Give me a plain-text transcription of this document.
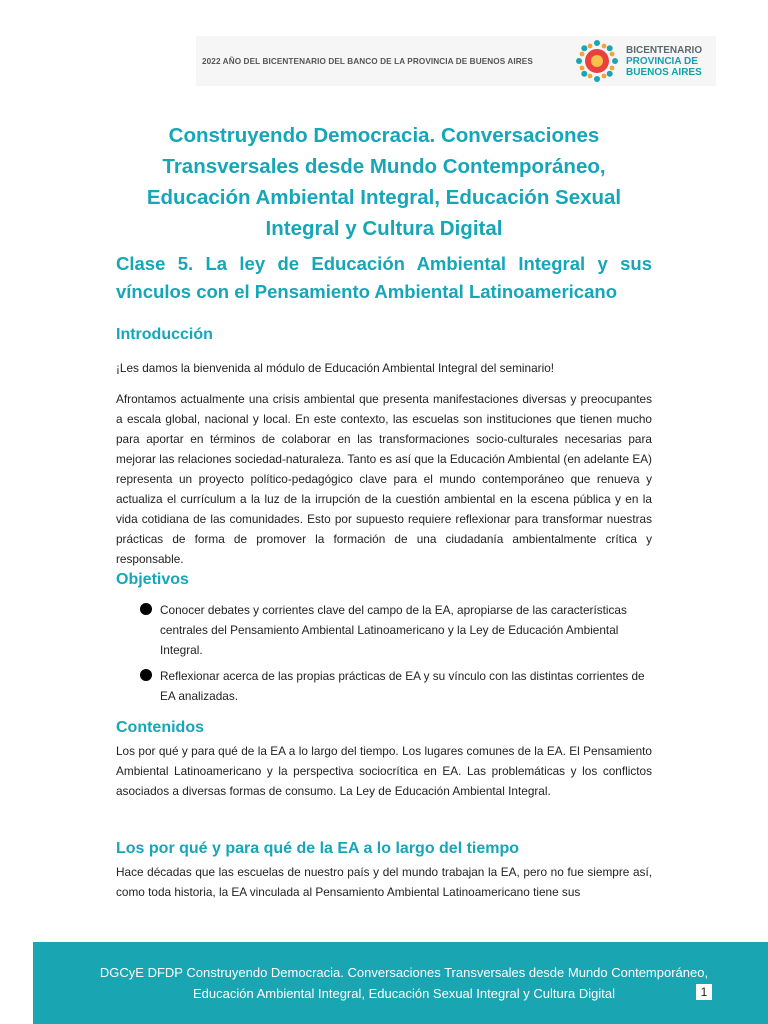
2022 AÑO DEL BICENTENARIO DEL BANCO DE LA PROVINCIA DE BUENOS AIRES
BICENTENARIO
PROVINCIA DE
BUENOS AIRES
Construyendo Democracia. Conversaciones Transversales desde Mundo Contemporáneo, Educación Ambiental Integral, Educación Sexual Integral y Cultura Digital
Clase 5. La ley de Educación Ambiental Integral y sus vínculos con el Pensamiento Ambiental Latinoamericano
Introducción

¡Les damos la bienvenida al módulo de Educación Ambiental Integral del seminario!

Afrontamos actualmente una crisis ambiental que presenta manifestaciones diversas y preocupantes a escala global, nacional y local. En este contexto, las escuelas son instituciones que tienen mucho para aportar en términos de colaborar en las transformaciones socio-culturales necesarias para mejorar las relaciones sociedad-naturaleza. Tanto es así que la Educación Ambiental (en adelante EA) representa un proyecto político-pedagógico clave para el mundo contemporáneo que renueva y actualiza el currículum a la luz de la irrupción de la cuestión ambiental en la escena pública y en la vida cotidiana de las comunidades. Esto por supuesto requiere reflexionar para transformar nuestras prácticas de forma de promover la formación de una ciudadanía ambientalmente crítica y responsable.

Objetivos
Conocer debates y corrientes clave del campo de la EA, apropiarse de las características centrales del Pensamiento Ambiental Latinoamericano y la Ley de Educación Ambiental Integral.
Reflexionar acerca de las propias prácticas de EA y su vínculo con las distintas corrientes de EA analizadas.
Contenidos

Los por qué y para qué de la EA a lo largo del tiempo. Los lugares comunes de la EA. El Pensamiento Ambiental Latinoamericano y la perspectiva sociocrítica en EA. Las problemáticas y los conflictos asociados a diversas formas de consumo. La Ley de Educación Ambiental Integral.

Los por qué y para qué de la EA a lo largo del tiempo

Hace décadas que las escuelas de nuestro país y del mundo trabajan la EA, pero no fue siempre así, como toda historia, la EA vinculada al Pensamiento Ambiental Latinoamericano tiene sus

DGCyE DFDP Construyendo Democracia. Conversaciones Transversales desde Mundo Contemporáneo, Educación Ambiental Integral, Educación Sexual Integral y Cultura Digital	1
